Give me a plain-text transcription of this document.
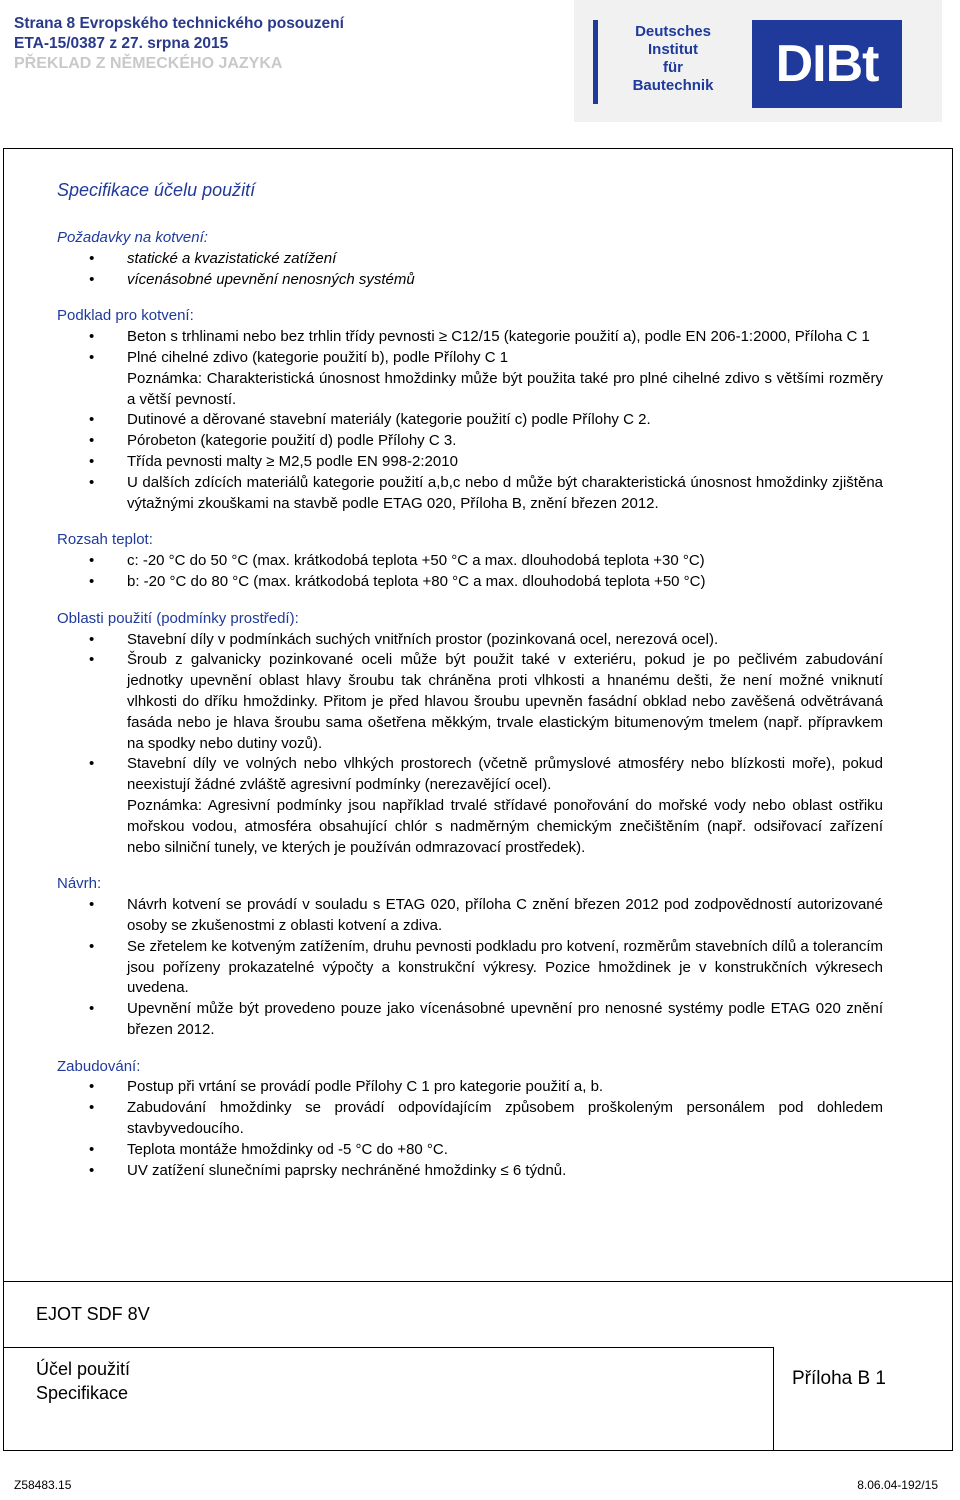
Strana 8 Evropského technického posouzení
ETA-15/0387 z 27. srpna 2015
PŘEKLAD Z NĚMECKÉHO JAZYKA
Deutsches
Institut
für
Bautechnik	DIBt
Specifikace účelu použití
Požadavky na kotvení:
• statické a kvazistatické zatížení
• vícenásobné upevnění nenosných systémů
Podklad pro kotvení:
• Beton s trhlinami nebo bez trhlin třídy pevnosti ≥ C12/15 (kategorie použití a), podle EN 206-1:2000, Příloha C 1
• Plné cihelné zdivo (kategorie použití b), podle Přílohy C 1
Poznámka: Charakteristická únosnost hmoždinky může být použita také pro plné cihelné zdivo s většími rozměry a větší pevností.
• Dutinové a děrované stavební materiály (kategorie použití c) podle Přílohy C 2.
• Pórobeton (kategorie použití d) podle Přílohy C 3.
• Třída pevnosti malty ≥ M2,5 podle EN 998-2:2010
• U dalších zdících materiálů kategorie použití a,b,c nebo d může být charakteristická únosnost hmoždinky zjištěna výtažnými zkouškami na stavbě podle ETAG 020, Příloha B, znění březen 2012.
Rozsah teplot:
• c: -20 °C do 50 °C (max. krátkodobá teplota +50 °C a max. dlouhodobá teplota +30 °C)
• b: -20 °C do 80 °C (max. krátkodobá teplota +80 °C a max. dlouhodobá teplota +50 °C)
Oblasti použití (podmínky prostředí):
• Stavební díly v podmínkách suchých vnitřních prostor (pozinkovaná ocel, nerezová ocel).
• Šroub z galvanicky pozinkované oceli může být použit také v exteriéru, pokud je po pečlivém zabudování jednotky upevnění oblast hlavy šroubu tak chráněna proti vlhkosti a hnanému dešti, že není možné vniknutí vlhkosti do dříku hmoždinky. Přitom je před hlavou šroubu upevněn fasádní obklad nebo zavěšená odvětrávaná fasáda nebo je hlava šroubu sama ošetřena měkkým, trvale elastickým bitumenovým tmelem (např. přípravkem na spodky nebo dutiny vozů).
• Stavební díly ve volných nebo vlhkých prostorech (včetně průmyslové atmosféry nebo blízkosti moře), pokud neexistují žádné zvláště agresivní podmínky (nerezavějící ocel).
Poznámka: Agresivní podmínky jsou například trvalé střídavé ponořování do mořské vody nebo oblast ostřiku mořskou vodou, atmosféra obsahující chlór s nadměrným chemickým znečištěním (např. odsiřovací zařízení nebo silniční tunely, ve kterých je používán odmrazovací prostředek).
Návrh:
• Návrh kotvení se provádí v souladu s ETAG 020, příloha C znění březen 2012 pod zodpovědností autorizované osoby se zkušenostmi z oblasti kotvení a zdiva.
• Se zřetelem ke kotveným zatížením, druhu pevnosti podkladu pro kotvení, rozměrům stavebních dílů a tolerancím jsou pořízeny prokazatelné výpočty a konstrukční výkresy. Pozice hmoždinek je v konstrukčních výkresech uvedena.
• Upevnění může být provedeno pouze jako vícenásobné upevnění pro nenosné systémy podle ETAG 020 znění březen 2012.
Zabudování:
• Postup při vrtání se provádí podle Přílohy C 1 pro kategorie použití a, b.
• Zabudování hmoždinky se provádí odpovídajícím způsobem proškoleným personálem pod dohledem stavbyvedoucího.
• Teplota montáže hmoždinky od -5 °C do +80 °C.
• UV zatížení slunečními paprsky nechráněné hmoždinky ≤ 6 týdnů.
EJOT SDF 8V
Účel použití
Specifikace
Příloha B 1
Z58483.15	8.06.04-192/15
